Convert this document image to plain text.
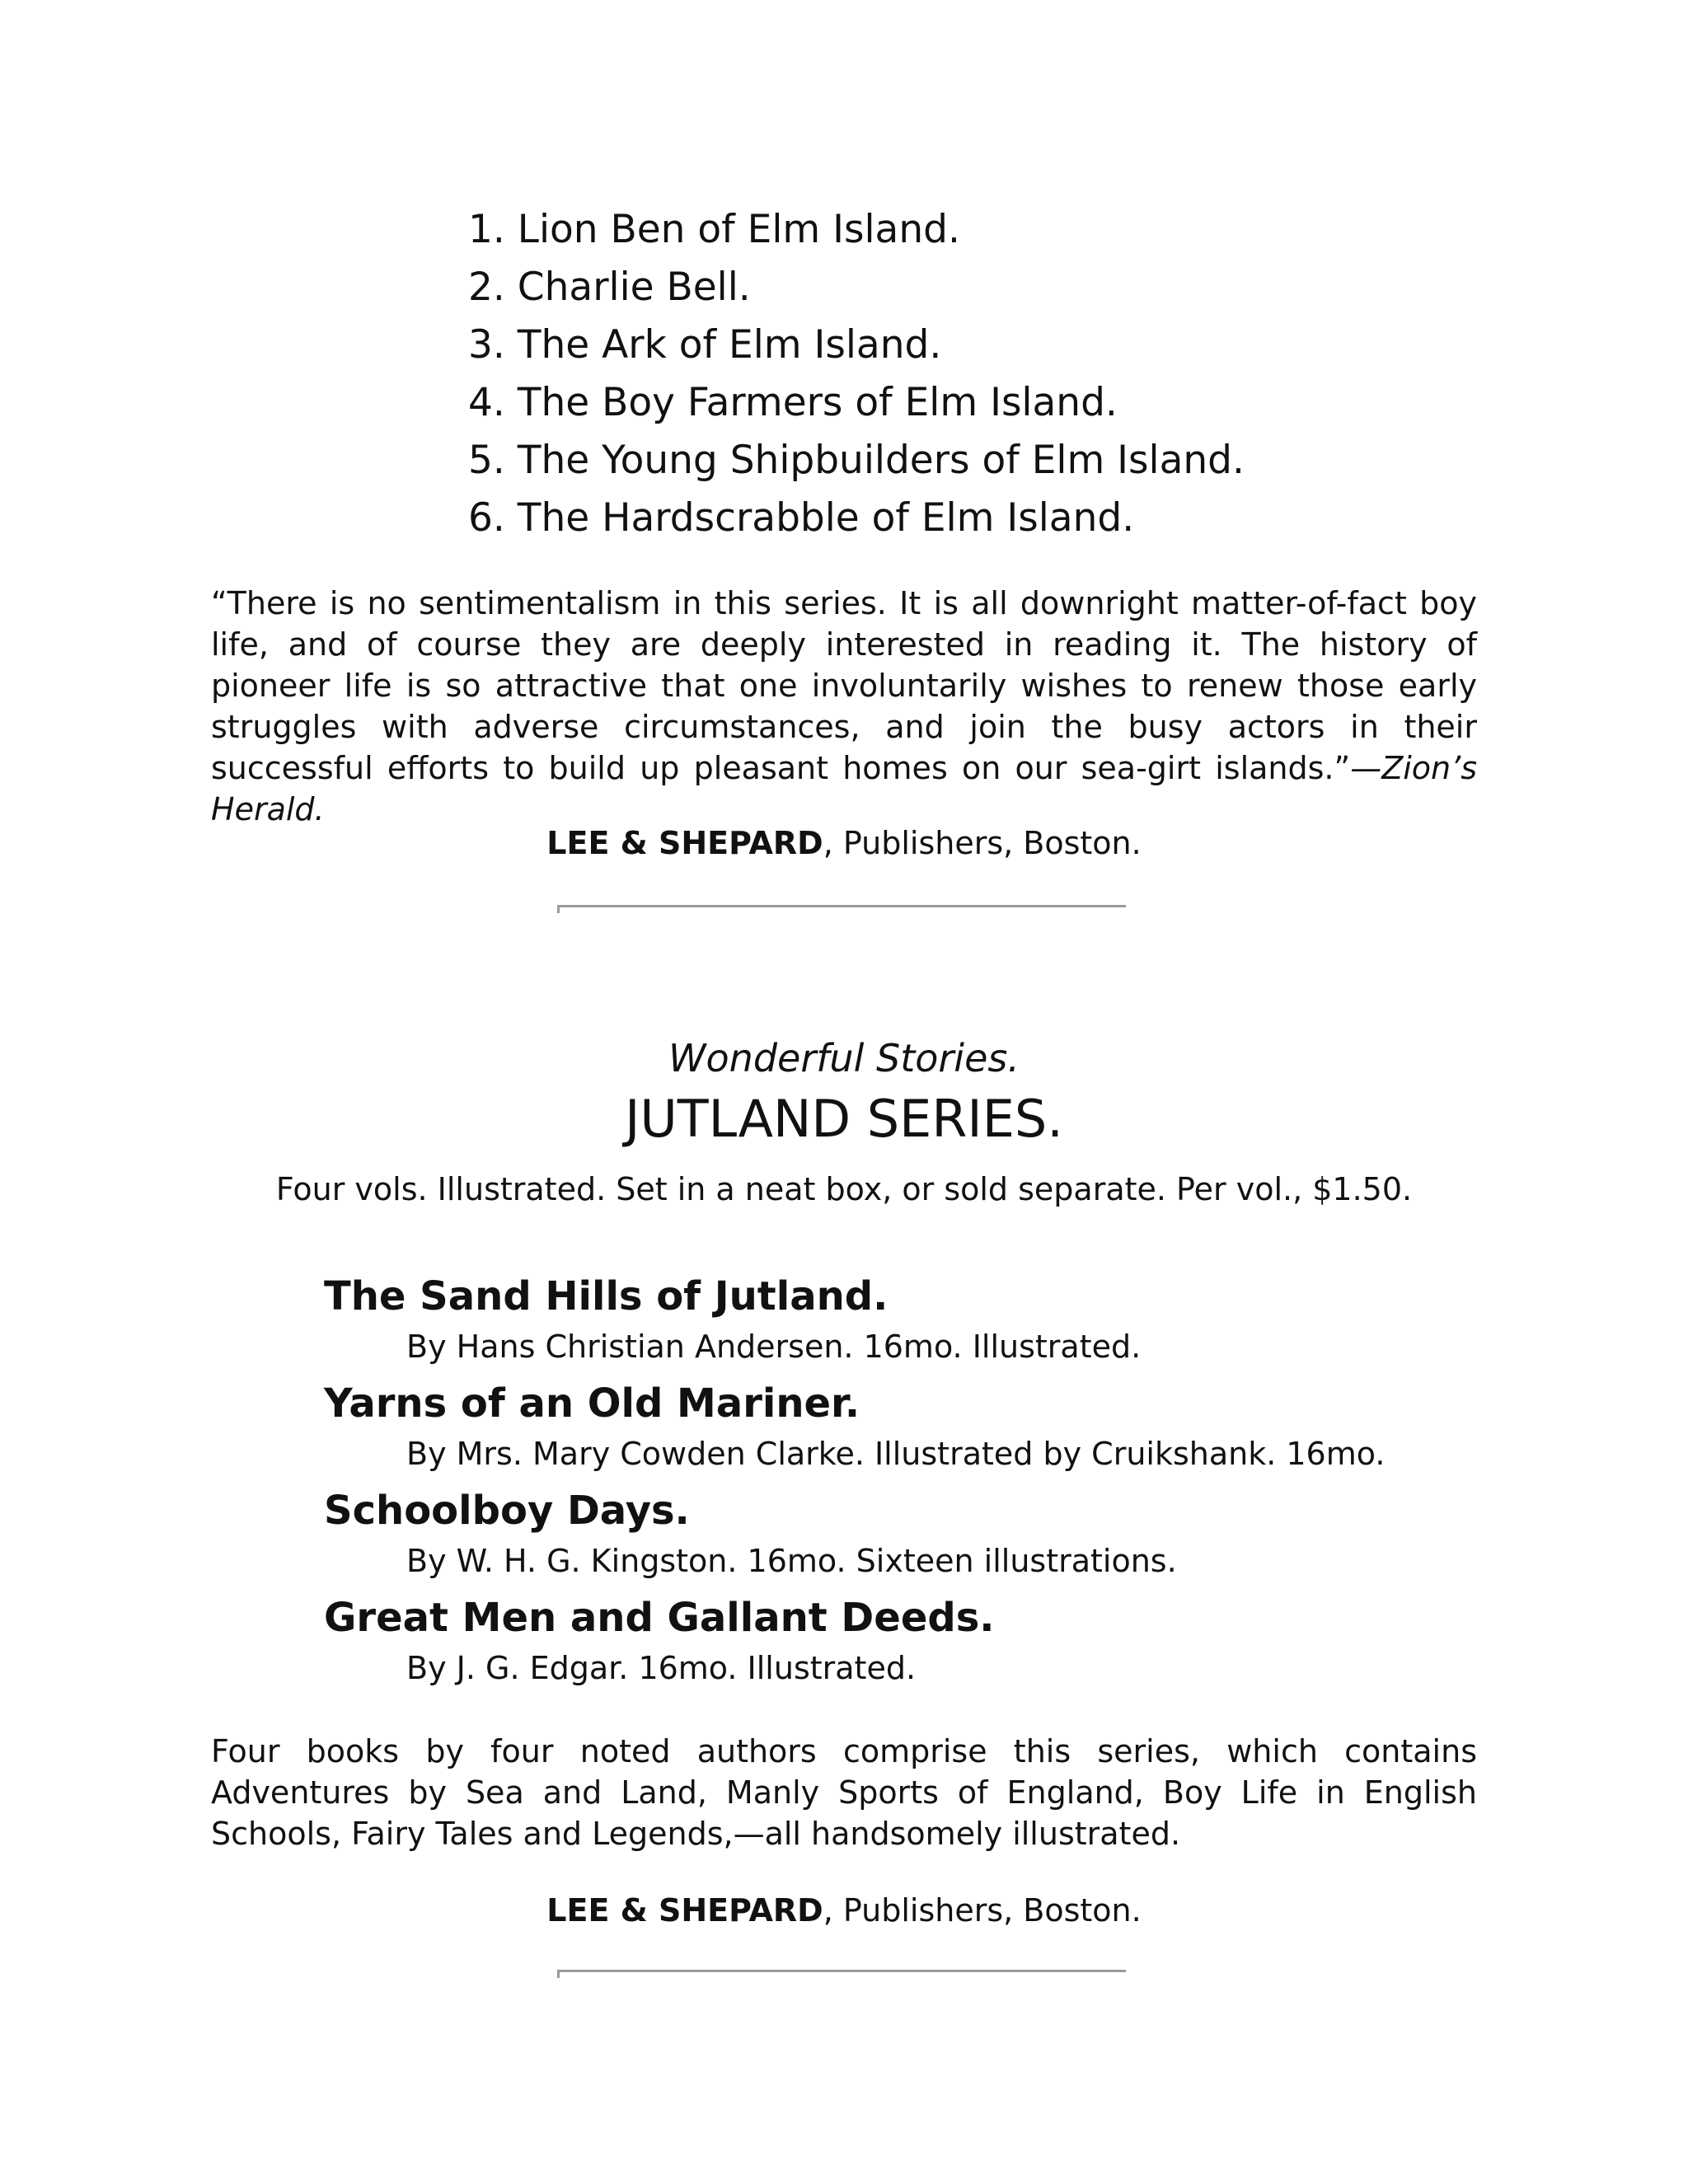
1. Lion Ben of Elm Island.
2. Charlie Bell.
3. The Ark of Elm Island.
4. The Boy Farmers of Elm Island.
5. The Young Shipbuilders of Elm Island.
6. The Hardscrabble of Elm Island.

“There is no sentimentalism in this series. It is all downright matter-of-fact boy life, and of course they are deeply interested in reading it. The history of pioneer life is so attractive that one involuntarily wishes to renew those early struggles with adverse circumstances, and join the busy actors in their successful efforts to build up pleasant homes on our sea-girt islands.”—Zion’s Herald.

LEE & SHEPARD, Publishers, Boston.

Wonderful Stories.

JUTLAND SERIES.

Four vols. Illustrated. Set in a neat box, or sold separate. Per vol., $1.50.

The Sand Hills of Jutland.
By Hans Christian Andersen. 16mo. Illustrated.
Yarns of an Old Mariner.
By Mrs. Mary Cowden Clarke. Illustrated by Cruikshank. 16mo.
Schoolboy Days.
By W. H. G. Kingston. 16mo. Sixteen illustrations.
Great Men and Gallant Deeds.
By J. G. Edgar. 16mo. Illustrated.

Four books by four noted authors comprise this series, which contains Adventures by Sea and Land, Manly Sports of England, Boy Life in English Schools, Fairy Tales and Legends,—all handsomely illustrated.

LEE & SHEPARD, Publishers, Boston.
